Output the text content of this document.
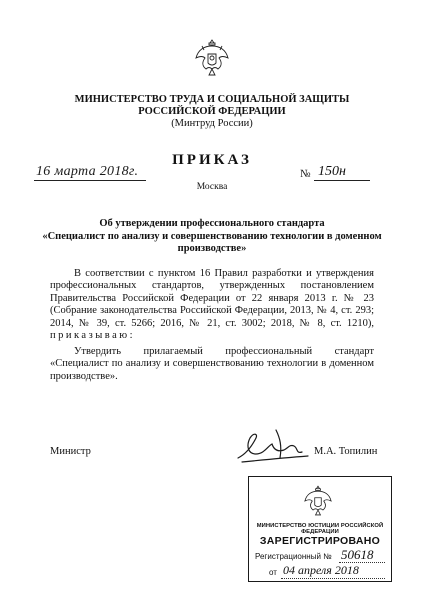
МИНИСТЕРСТВО ТРУДА И СОЦИАЛЬНОЙ ЗАЩИТЫ
РОССИЙСКОЙ ФЕДЕРАЦИИ
(Минтруд России)
ПРИКАЗ
16 марта 2018г.	№ 150н
Москва
Об утверждении профессионального стандарта
«Специалист по анализу и совершенствованию технологии в доменном производстве»
В соответствии с пунктом 16 Правил разработки и утверждения профессиональных стандартов, утвержденных постановлением Правительства Российской Федерации от 22 января 2013 г. № 23 (Собрание законодательства Российской Федерации, 2013, № 4, ст. 293; 2014, № 39, ст. 5266; 2016, № 21, ст. 3002; 2018, № 8, ст. 1210), приказываю:
Утвердить прилагаемый профессиональный стандарт «Специалист по анализу и совершенствованию технологии в доменном производстве».
Министр	М.А. Топилин
МИНИСТЕРСТВО ЮСТИЦИИ РОССИЙСКОЙ ФЕДЕРАЦИИ
ЗАРЕГИСТРИРОВАНО
Регистрационный № 50618
от 04 апреля 2018
